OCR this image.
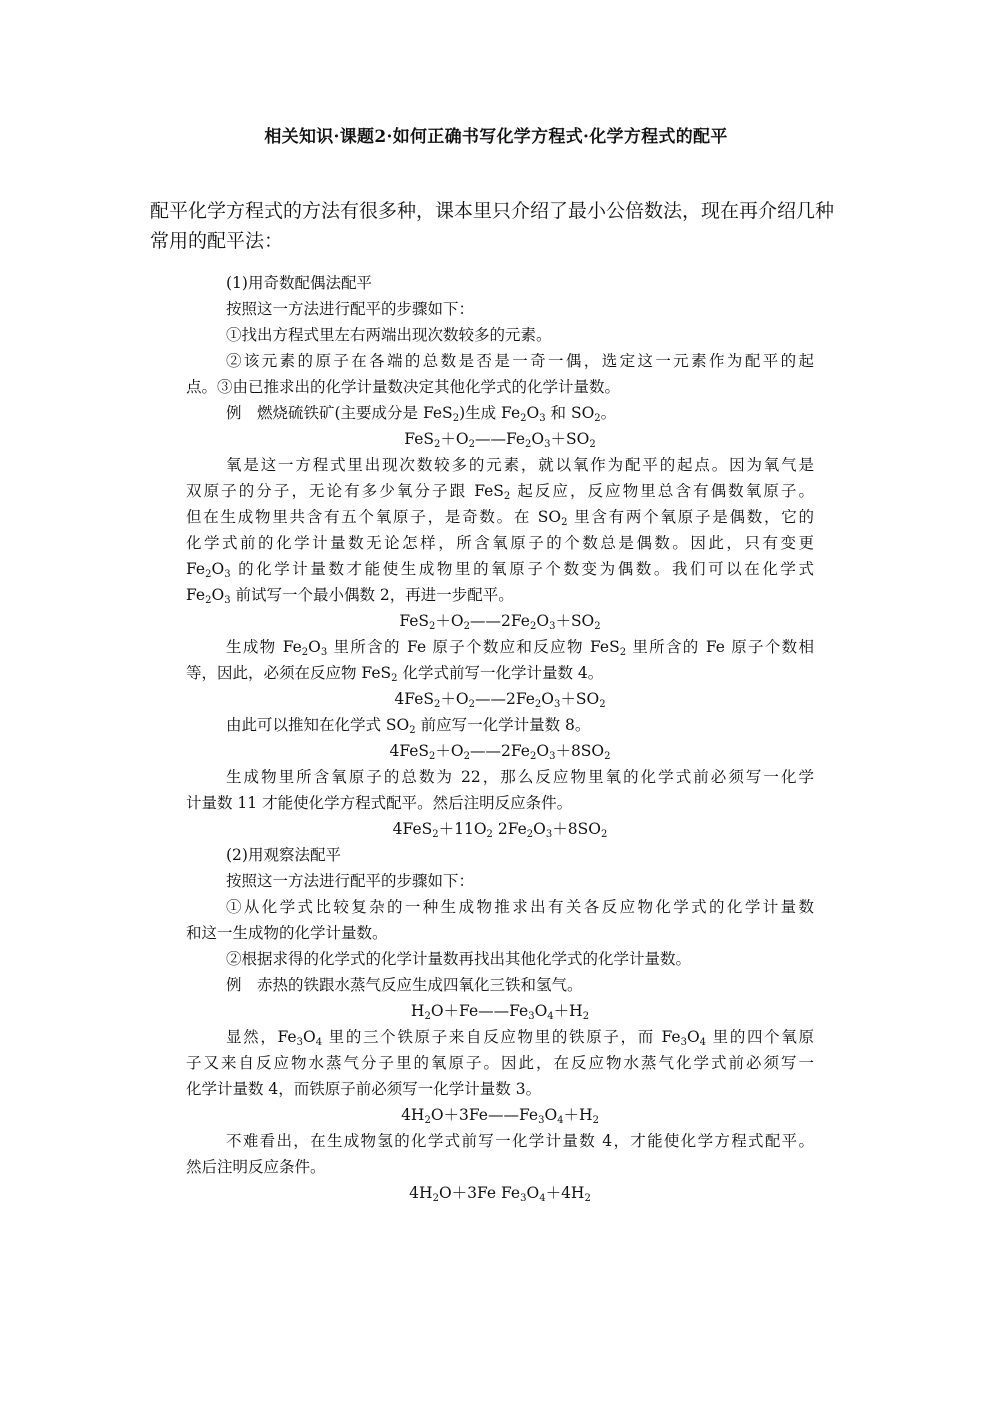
相关知识·课题2·如何正确书写化学方程式·化学方程式的配平

配平化学方程式的方法有很多种，课本里只介绍了最小公倍数法，现在再介绍几种常用的配平法：

(1)用奇数配偶法配平

按照这一方法进行配平的步骤如下：

①找出方程式里左右两端出现次数较多的元素。

②该元素的原子在各端的总数是否是一奇一偶，选定这一元素作为配平的起

点。③由已推求出的化学计量数决定其他化学式的化学计量数。

例　燃烧硫铁矿(主要成分是 FeS$_2$)生成 $Fe_2O_3$ 和 $SO_2$。

$FeS_2+O_2——Fe_2O_3+SO_2$

氧是这一方程式里出现次数较多的元素，就以氧作为配平的起点。因为氧气是

双原子的分子，无论有多少氧分子跟 FeS$_2$ 起反应，反应物里总含有偶数氧原子。

但在生成物里共含有五个氧原子，是奇数。在 $SO_2$ 里含有两个氧原子是偶数，它的

化学式前的化学计量数无论怎样，所含氧原子的个数总是偶数。因此，只有变更

$Fe_2O_3$ 的化学计量数才能使生成物里的氧原子个数变为偶数。我们可以在化学式

$Fe_2O_3$ 前试写一个最小偶数 2，再进一步配平。

$FeS_2+O_2——2Fe_2O_3+SO_2$

生成物 $Fe_2O_3$ 里所含的 Fe 原子个数应和反应物 FeS$_2$ 里所含的 Fe 原子个数相

等，因此，必须在反应物 FeS$_2$ 化学式前写一化学计量数 4。

$4FeS_2+O_2——2Fe_2O_3+SO_2$

由此可以推知在化学式 $SO_2$ 前应写一化学计量数 8。

$4FeS_2+O_2——2Fe_2O_3+8SO_2$

生成物里所含氧原子的总数为 22，那么反应物里氧的化学式前必须写一化学

计量数 11 才能使化学方程式配平。然后注明反应条件。

$4FeS_2+11O_2$ $2Fe_2O_3+8SO_2$

(2)用观察法配平

按照这一方法进行配平的步骤如下：

①从化学式比较复杂的一种生成物推求出有关各反应物化学式的化学计量数

和这一生成物的化学计量数。

②根据求得的化学式的化学计量数再找出其他化学式的化学计量数。

例　赤热的铁跟水蒸气反应生成四氧化三铁和氢气。

$H_2O+Fe——Fe_3O_4+H_2$

显然，$Fe_3O_4$ 里的三个铁原子来自反应物里的铁原子，而 $Fe_3O_4$ 里的四个氧原

子又来自反应物水蒸气分子里的氧原子。因此，在反应物水蒸气化学式前必须写一

化学计量数 4，而铁原子前必须写一化学计量数 3。

$4H_2O+3Fe——Fe_3O_4+H_2$

不难看出，在生成物氢的化学式前写一化学计量数 4，才能使化学方程式配平。

然后注明反应条件。

$4H_2O+3Fe$ $Fe_3O_4+4H_2$
